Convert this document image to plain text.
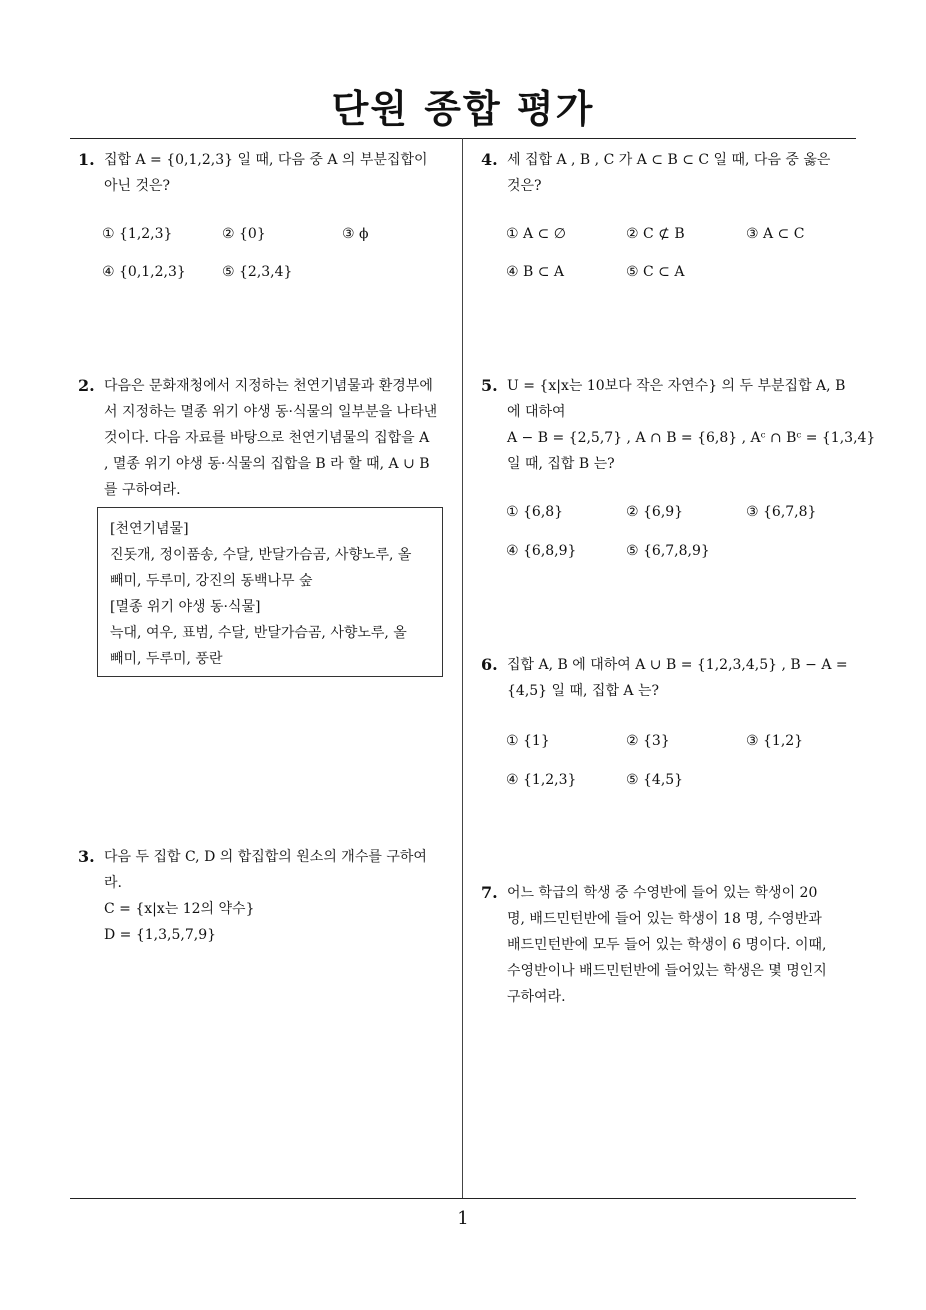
단원 종합 평가
1
1. 집합 A = {0,1,2,3} 일 때, 다음 중 A 의 부분집합이
아닌 것은?
① {1,2,3}	② {0}	③ ϕ
④ {0,1,2,3}	⑤ {2,3,4}
2. 다음은 문화재청에서 지정하는 천연기념물과 환경부에
서 지정하는 멸종 위기 야생 동·식물의 일부분을 나타낸
것이다. 다음 자료를 바탕으로 천연기념물의 집합을 A
, 멸종 위기 야생 동·식물의 집합을 B 라 할 때, A ∪ B
를 구하여라.
[천연기념물]
진돗개, 정이품송, 수달, 반달가슴곰, 사향노루, 올
빼미, 두루미, 강진의 동백나무 숲
[멸종 위기 야생 동·식물]
늑대, 여우, 표범, 수달, 반달가슴곰, 사향노루, 올
빼미, 두루미, 풍란
3. 다음 두 집합 C, D 의 합집합의 원소의 개수를 구하여
라.
C = {x|x는 12의 약수}
D = {1,3,5,7,9}
4. 세 집합 A , B , C 가 A ⊂ B ⊂ C 일 때, 다음 중 옳은
것은?
① A ⊂ ∅	② C ⊄ B	③ A ⊂ C
④ B ⊂ A	⑤ C ⊂ A
5. U = {x|x는 10보다 작은 자연수} 의 두 부분집합 A, B
에 대하여
A − B = {2,5,7} , A ∩ B = {6,8} , Aᶜ ∩ Bᶜ = {1,3,4}
일 때, 집합 B 는?
① {6,8}	② {6,9}	③ {6,7,8}
④ {6,8,9}	⑤ {6,7,8,9}
6. 집합 A, B 에 대하여 A ∪ B = {1,2,3,4,5} , B − A =
{4,5} 일 때, 집합 A 는?
① {1}	② {3}	③ {1,2}
④ {1,2,3}	⑤ {4,5}
7. 어느 학급의 학생 중 수영반에 들어 있는 학생이 20
명, 배드민턴반에 들어 있는 학생이 18 명, 수영반과
배드민턴반에 모두 들어 있는 학생이 6 명이다. 이때,
수영반이나 배드민턴반에 들어있는 학생은 몇 명인지
구하여라.
